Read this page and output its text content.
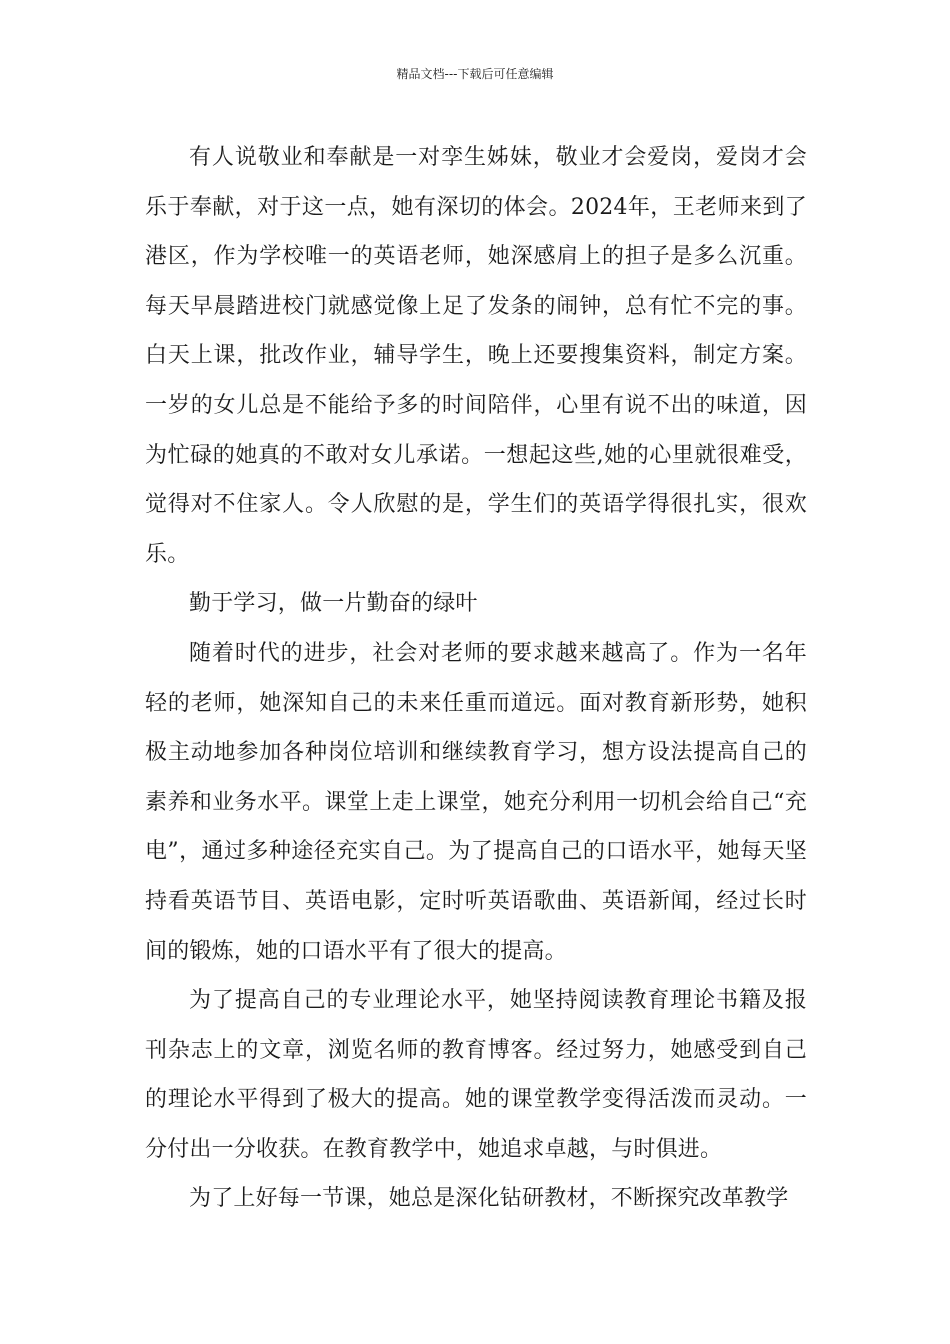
精品文档---下载后可任意编辑

有人说敬业和奉献是一对孪生姊妹，敬业才会爱岗，爱岗才会乐于奉献，对于这一点，她有深切的体会。2024年，王老师来到了港区，作为学校唯一的英语老师，她深感肩上的担子是多么沉重。每天早晨踏进校门就感觉像上足了发条的闹钟，总有忙不完的事。白天上课，批改作业，辅导学生，晚上还要搜集资料，制定方案。一岁的女儿总是不能给予多的时间陪伴，心里有说不出的味道，因为忙碌的她真的不敢对女儿承诺。一想起这些,她的心里就很难受，觉得对不住家人。令人欣慰的是，学生们的英语学得很扎实，很欢乐。

勤于学习，做一片勤奋的绿叶

随着时代的进步，社会对老师的要求越来越高了。作为一名年轻的老师，她深知自己的未来任重而道远。面对教育新形势，她积极主动地参加各种岗位培训和继续教育学习，想方设法提高自己的素养和业务水平。课堂上走上课堂，她充分利用一切机会给自己“充电”，通过多种途径充实自己。为了提高自己的口语水平，她每天坚持看英语节目、英语电影，定时听英语歌曲、英语新闻，经过长时间的锻炼，她的口语水平有了很大的提高。

为了提高自己的专业理论水平，她坚持阅读教育理论书籍及报刊杂志上的文章，浏览名师的教育博客。经过努力，她感受到自己的理论水平得到了极大的提高。她的课堂教学变得活泼而灵动。一分付出一分收获。在教育教学中，她追求卓越，与时俱进。

为了上好每一节课，她总是深化钻研教材，不断探究改革教学
